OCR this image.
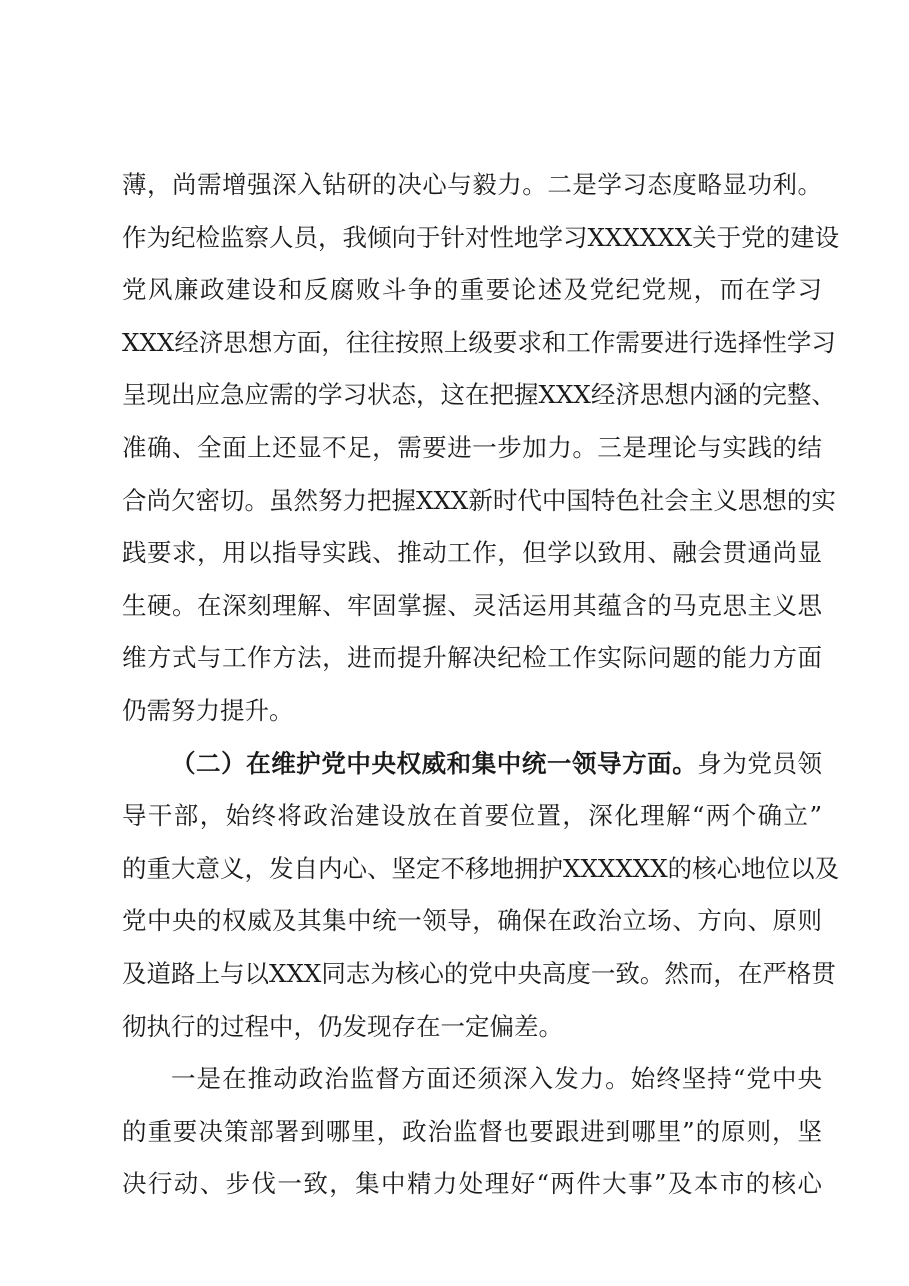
薄，尚需增强深入钻研的决心与毅力。二是学习态度略显功利。
作为纪检监察人员，我倾向于针对性地学习XXXXXX关于党的建设
党风廉政建设和反腐败斗争的重要论述及党纪党规，而在学习
XXX经济思想方面，往往按照上级要求和工作需要进行选择性学习
呈现出应急应需的学习状态，这在把握XXX经济思想内涵的完整、
准确、全面上还显不足，需要进一步加力。三是理论与实践的结
合尚欠密切。虽然努力把握XXX新时代中国特色社会主义思想的实
践要求，用以指导实践、推动工作，但学以致用、融会贯通尚显
生硬。在深刻理解、牢固掌握、灵活运用其蕴含的马克思主义思
维方式与工作方法，进而提升解决纪检工作实际问题的能力方面
仍需努力提升。
（二）在维护党中央权威和集中统一领导方面。身为党员领
导干部，始终将政治建设放在首要位置，深化理解“两个确立”
的重大意义，发自内心、坚定不移地拥护XXXXXX的核心地位以及
党中央的权威及其集中统一领导，确保在政治立场、方向、原则
及道路上与以XXX同志为核心的党中央高度一致。然而，在严格贯
彻执行的过程中，仍发现存在一定偏差。
一是在推动政治监督方面还须深入发力。始终坚持“党中央
的重要决策部署到哪里，政治监督也要跟进到哪里”的原则，坚
决行动、步伐一致，集中精力处理好“两件大事”及本市的核心
